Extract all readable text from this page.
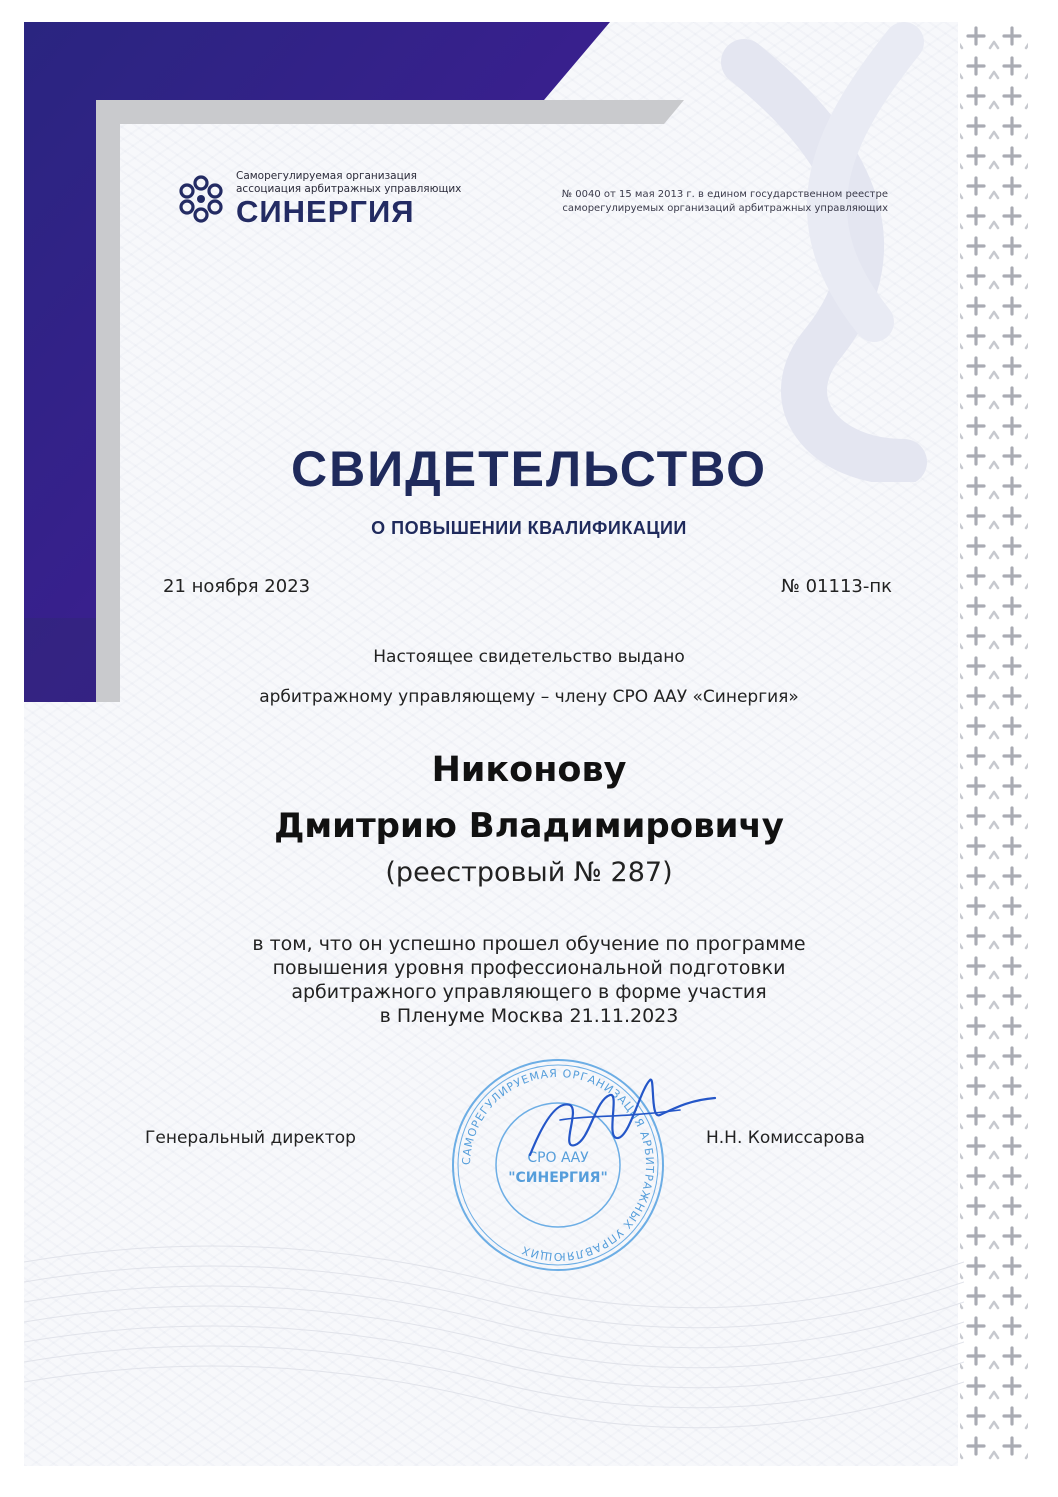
Саморегулируемая организация
ассоциация арбитражных управляющих
СИНЕРГИЯ	№ 0040 от 15 мая 2013 г. в едином государственном реестре
саморегулируемых организаций арбитражных управляющих
СВИДЕТЕЛЬСТВО
О ПОВЫШЕНИИ КВАЛИФИКАЦИИ
21 ноября 2023	№ 01113-пк
Настоящее свидетельство выдано
арбитражному управляющему – члену СРО ААУ «Синергия»
Никонову
Дмитрию Владимировичу
(реестровый № 287)
в том, что он успешно прошел обучение по программе
повышения уровня профессиональной подготовки
арбитражного управляющего в форме участия
в Пленуме Москва 21.11.2023
САМОРЕГУЛИРУЕМАЯ ОРГАНИЗАЦИЯ АРБИТРАЖНЫХ УПРАВЛЯЮЩИХ
СРО ААУ
"СИНЕРГИЯ"
Генеральный директор	Н.Н. Комиссарова
